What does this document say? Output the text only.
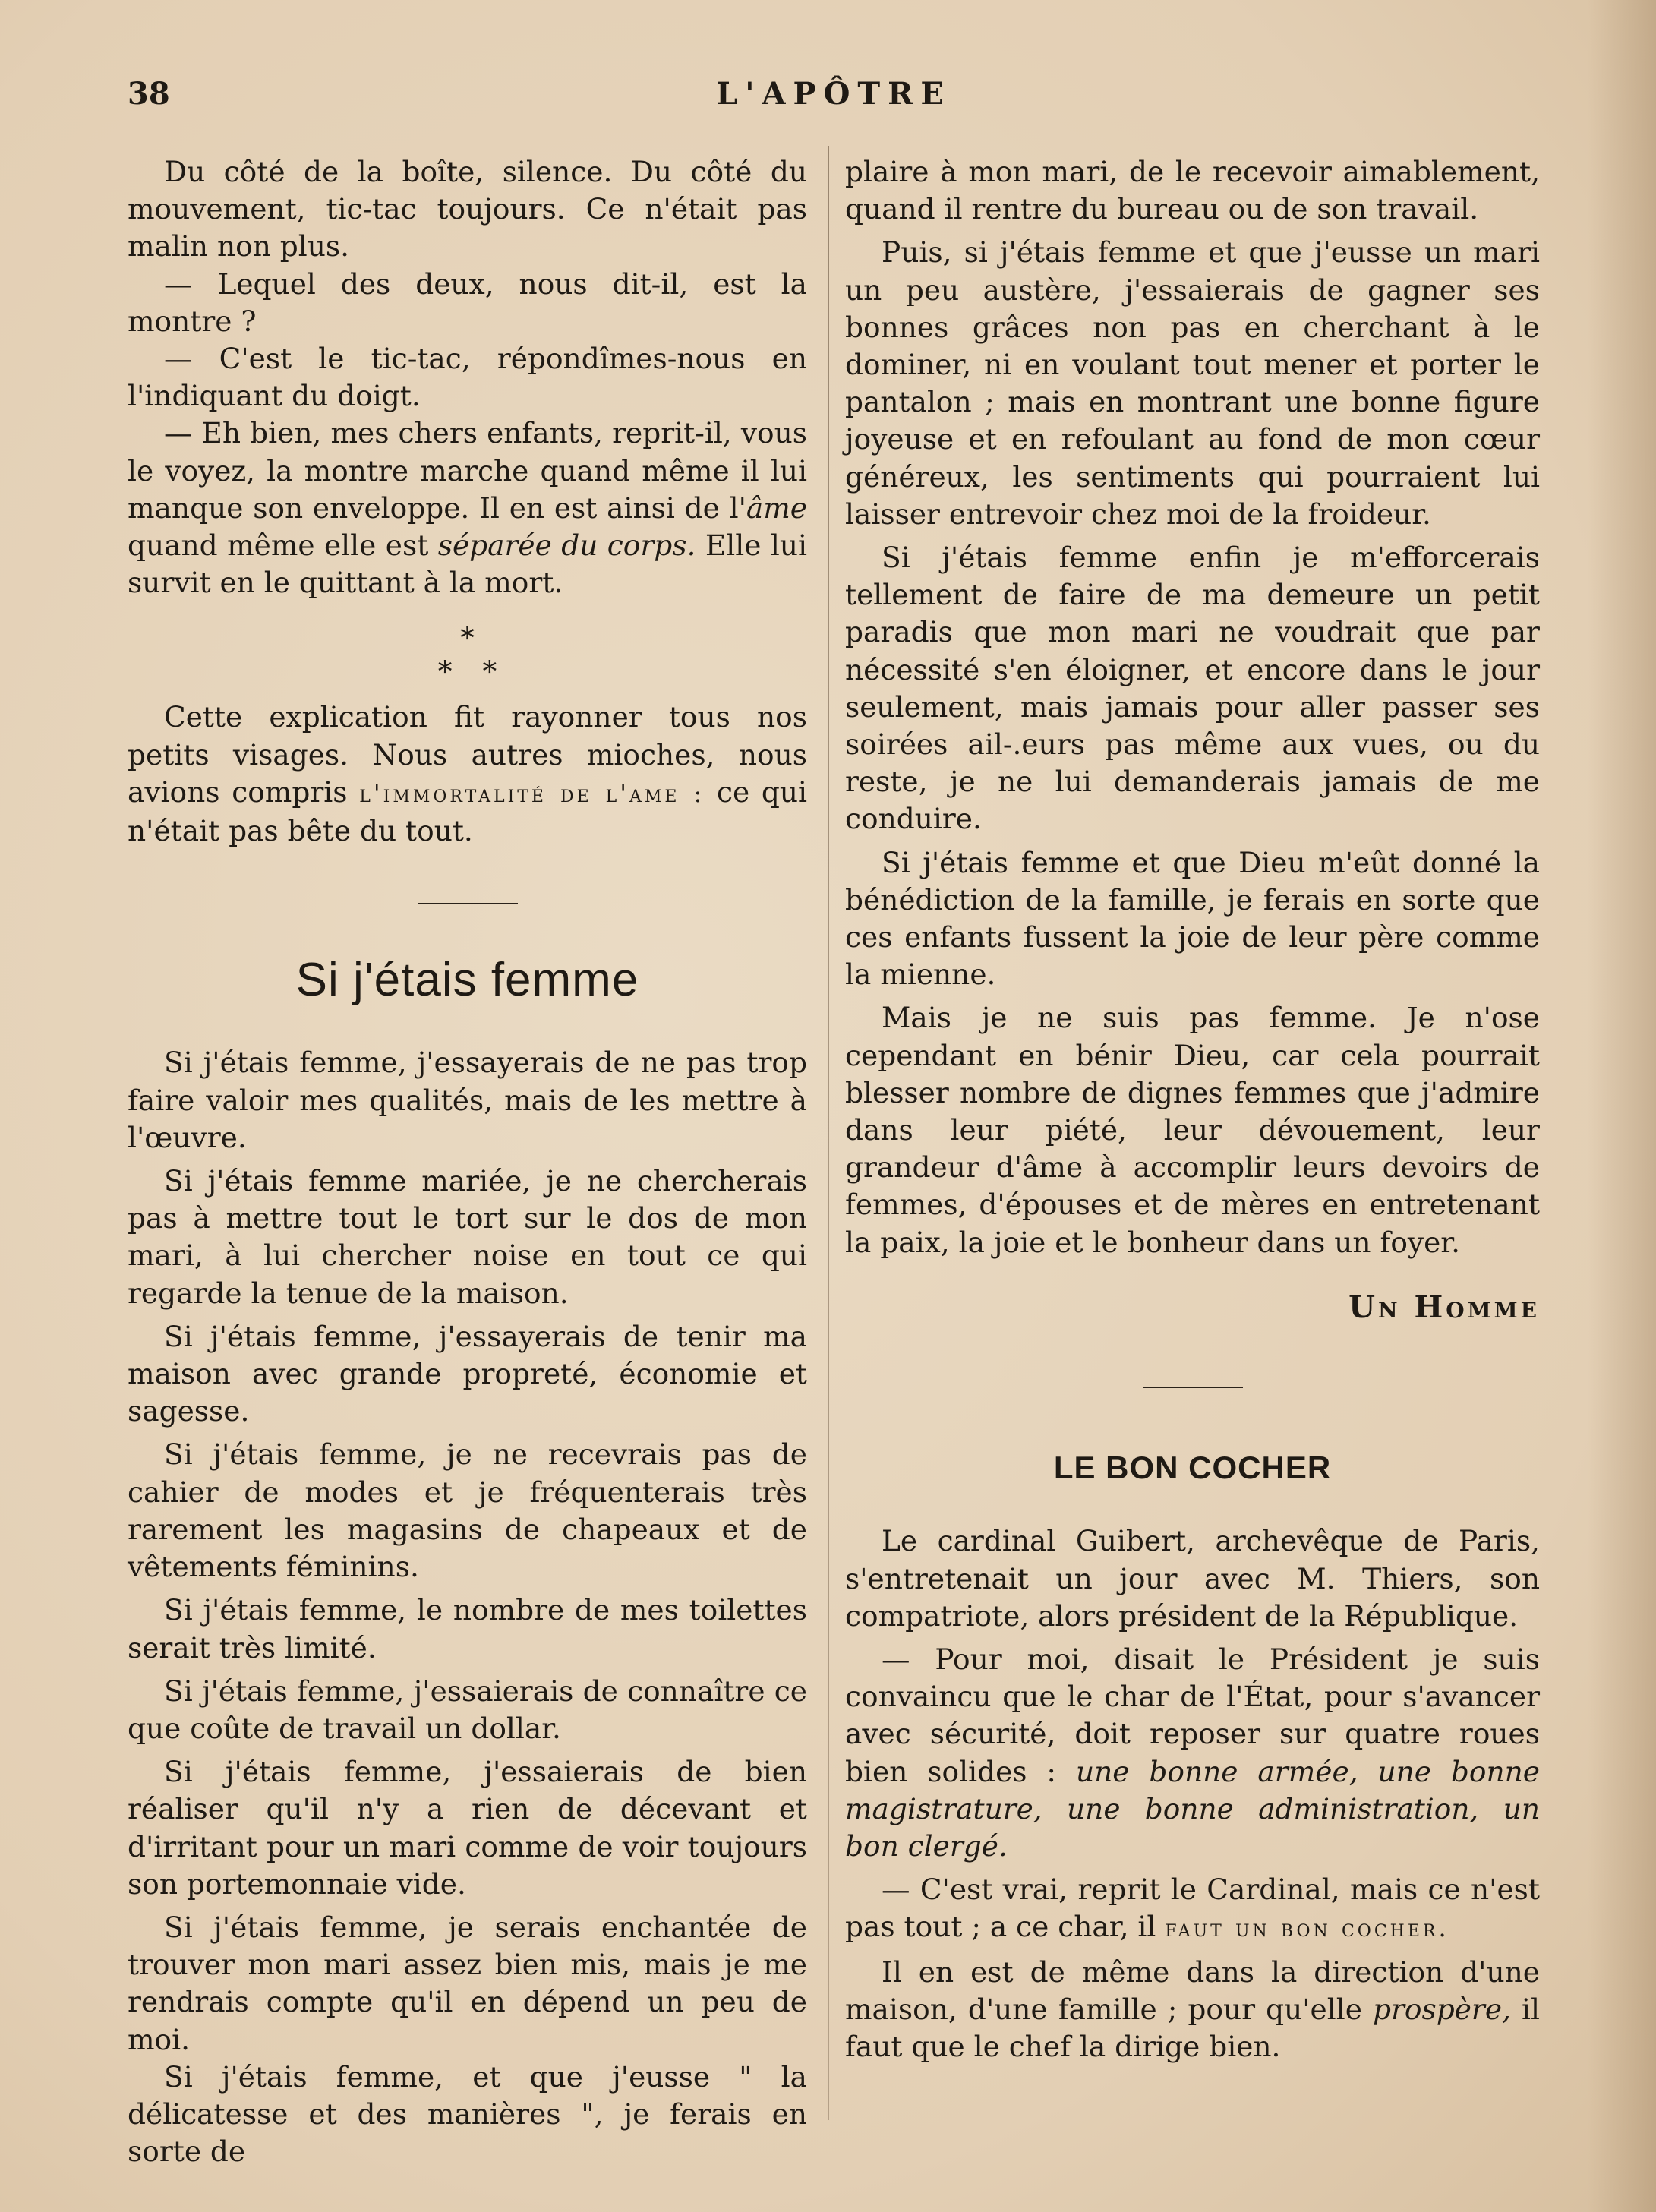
38	L'APÔTRE

Du côté de la boîte, silence. Du côté du mouvement, tic-tac toujours. Ce n'était pas malin non plus.

— Lequel des deux, nous dit-il, est la montre ?

— C'est le tic-tac, répondîmes-nous en l'indiquant du doigt.

— Eh bien, mes chers enfants, reprit-il, vous le voyez, la montre marche quand même il lui manque son enveloppe. Il en est ainsi de l'âme quand même elle est séparée du corps. Elle lui survit en le quittant à la mort.

*
* *

Cette explication fit rayonner tous nos petits visages. Nous autres mioches, nous avions compris l'immortalité de l'ame : ce qui n'était pas bête du tout.

Si j'étais femme

Si j'étais femme, j'essayerais de ne pas trop faire valoir mes qualités, mais de les mettre à l'œuvre.

Si j'étais femme mariée, je ne chercherais pas à mettre tout le tort sur le dos de mon mari, à lui chercher noise en tout ce qui regarde la tenue de la maison.

Si j'étais femme, j'essayerais de tenir ma maison avec grande propreté, économie et sagesse.

Si j'étais femme, je ne recevrais pas de cahier de modes et je fréquenterais très rarement les magasins de chapeaux et de vêtements féminins.

Si j'étais femme, le nombre de mes toilettes serait très limité.

Si j'étais femme, j'essaierais de connaître ce que coûte de travail un dollar.

Si j'étais femme, j'essaierais de bien réaliser qu'il n'y a rien de décevant et d'irritant pour un mari comme de voir toujours son portemonnaie vide.

Si j'étais femme, je serais enchantée de trouver mon mari assez bien mis, mais je me rendrais compte qu'il en dépend un peu de moi.

Si j'étais femme, et que j'eusse " la délicatesse et des manières ", je ferais en sorte de

plaire à mon mari, de le recevoir aimablement, quand il rentre du bureau ou de son travail.

Puis, si j'étais femme et que j'eusse un mari un peu austère, j'essaierais de gagner ses bonnes grâces non pas en cherchant à le dominer, ni en voulant tout mener et porter le pantalon ; mais en montrant une bonne figure joyeuse et en refoulant au fond de mon cœur généreux, les sentiments qui pourraient lui laisser entrevoir chez moi de la froideur.

Si j'étais femme enfin je m'efforcerais tellement de faire de ma demeure un petit paradis que mon mari ne voudrait que par nécessité s'en éloigner, et encore dans le jour seulement, mais jamais pour aller passer ses soirées ail-.eurs pas même aux vues, ou du reste, je ne lui demanderais jamais de me conduire.

Si j'étais femme et que Dieu m'eût donné la bénédiction de la famille, je ferais en sorte que ces enfants fussent la joie de leur père comme la mienne.

Mais je ne suis pas femme. Je n'ose cependant en bénir Dieu, car cela pourrait blesser nombre de dignes femmes que j'admire dans leur piété, leur dévouement, leur grandeur d'âme à accomplir leurs devoirs de femmes, d'épouses et de mères en entretenant la paix, la joie et le bonheur dans un foyer.

Un Homme

LE BON COCHER

Le cardinal Guibert, archevêque de Paris, s'entretenait un jour avec M. Thiers, son compatriote, alors président de la République.

— Pour moi, disait le Président je suis convaincu que le char de l'État, pour s'avancer avec sécurité, doit reposer sur quatre roues bien solides : une bonne armée, une bonne magistrature, une bonne administration, un bon clergé.

— C'est vrai, reprit le Cardinal, mais ce n'est pas tout ; a ce char, il faut un bon cocher.

Il en est de même dans la direction d'une maison, d'une famille ; pour qu'elle prospère, il faut que le chef la dirige bien.
